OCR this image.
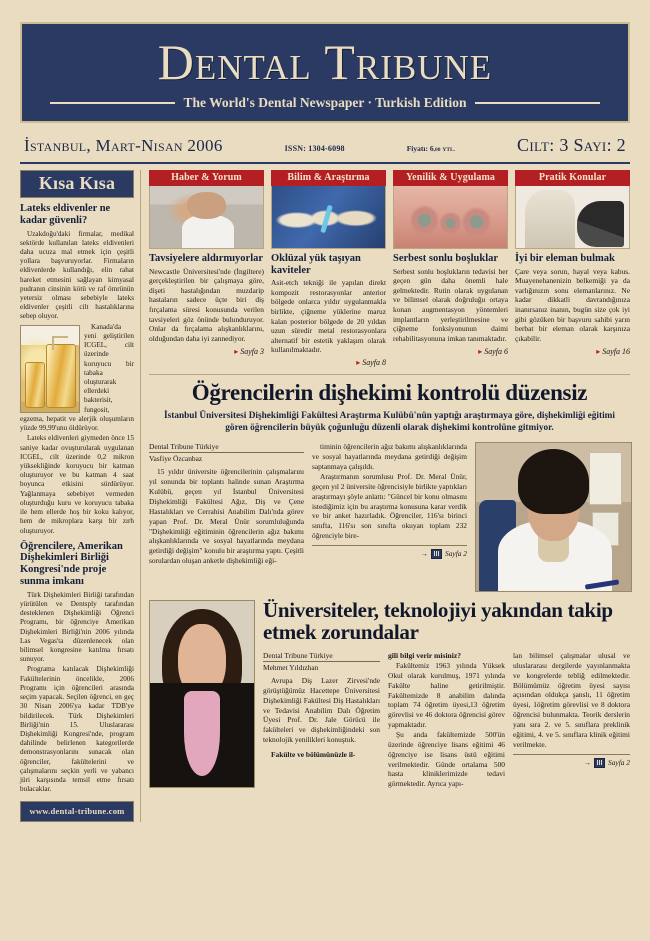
Dental Tribune
The World's Dental Newspaper · Turkish Edition
İstanbul, Mart-Nisan 2006	ISSN: 1304-6098	Fiyatı: 6,00 YTL.	Cilt: 3 Sayı: 2
Kısa Kısa
Lateks eldivenler ne kadar güvenli?

Uzakdoğu'daki firmalar, medikal sektörde kullanılan lateks eldivenleri daha ucuza mal etmek için çeşitli yollara başvuruyorlar. Firmaların eldivenlerde kullandığı, elin rahat hareket etmesini sağlayan kimyasal pudranın cinsinin kötü ve raf ömrünün yetersiz olması sebebiyle lateks eldivenler çeşitli cilt hastalıklarına sebep oluyor.

Kanada'da yeni geliştirilen ICGEL, cilt üzerinde koruyucu bir tabaka oluşturarak ellerdeki bakterisit, fungosit, egzema, hepatit ve alerjik oluşumların yüzde 99,99'unu öldürüyor.

Lateks eldivenleri giymeden önce 15 saniye kadar ovuşturularak uygulanan ICGEL, cilt üzerinde 0,2 mikron yüksekliğinde koruyucu bir katman oluşturuyor ve bu katman 4 saat boyunca etkisini sürdürüyor. Yağlanmaya sebebiyet vermeden oluşturduğu kuru ve koruyucu tabaka ile hem ellerde hoş bir koku kalıyor, hem de mikroplara karşı bir zırh oluşturuyor.

Öğrencilere, Amerikan Dişhekimleri Birliği Kongresi'nde proje sunma imkanı

Türk Dişhekimleri Birliği tarafından yürütülen ve Dentsply tarafından desteklenen Dişhekimliği Öğrenci Programı, bir öğrenciye Amerikan Dişhekimleri Birliği'nin 2006 yılında Las Vegas'ta düzenlenecek olan bilimsel kongresine katılma fırsatı sunuyor.

Programa katılacak Dişhekimliği Fakültelerinin öncelikle, 2006 Programı için öğrencileri arasında seçim yapacak. Seçilen öğrenci, en geç 30 Nisan 2006'ya kadar TDB'ye bildirilecek. Türk Dişhekimleri Birliği'nin 15. Uluslararası Dişhekimliği Kongresi'nde, program dahilinde belirlenen kategorilerde demonstrasyonlarını sunacak olan öğrenciler, fakültelerini ve çalışmalarını seçkin yerli ve yabancı jüri karşısında temsil etme fırsatı bulacaklar.

www.dental-tribune.com
Haber & Yorum
Tavsiyelere aldırmıyorlar
Newcastle Üniversitesi'nde (İngiltere) gerçekleştirilen bir çalışmaya göre, dişeti hastalığından muzdarip hastaların sadece üçte biri diş fırçalama süresi konusunda verilen tavsiyeleri göz önünde bulunduruyor. Onlar da fırçalama alışkanlıklarını, olduğundan daha iyi zannediyor.
▸ Sayfa 3
Bilim & Araştırma
Oklüzal yük taşıyan kaviteler
Asit-etch tekniği ile yapılan direkt kompozit restorasyonlar anterior bölgede onlarca yıldır uygulanmakla birlikte, çiğneme yüklerine maruz kalan posterior bölgede de 20 yıldan uzun süredir metal restorasyonlara alternatif bir estetik yaklaşım olarak kullanılmaktadır.
▸ Sayfa 8
Yenilik & Uygulama
Serbest sonlu boşluklar
Serbest sonlu boşlukların tedavisi her geçen gün daha önemli hale gelmektedir. Rutin olarak uygulanan ve bilimsel olarak doğruluğu ortaya konan augmentasyon yöntemleri implantların yerleştirilmesine ve çiğneme fonksiyonunun daimi rehabilitasyonuna imkan tanımaktadır.
▸ Sayfa 6
Pratik Konular
İyi bir eleman bulmak
Çare veya sorun, hayal veya kabus. Muayenehanenizin belkemiği ya da varlığınızın sonu elemanlarınız. Ne kadar dikkatli davrandığınıza inanırsanız inanın, bugün size çok iyi gibi gözüken bir başvuru sahibi yarın berbat bir eleman olarak karşınıza çıkabilir.
▸ Sayfa 16
Öğrencilerin dişhekimi kontrolü düzensiz
İstanbul Üniversitesi Dişhekimliği Fakültesi Araştırma Kulübü'nün yaptığı araştırmaya göre, dişhekimliği eğitimi gören öğrencilerin büyük çoğunluğu düzenli olarak dişhekimi kontrolüne gitmiyor.
Dental Tribune Türkiye
Vasfiye Özcanbaz

15 yıldır üniversite öğrencilerinin çalışmalarını yıl sonunda bir toplantı halinde sunan Araştırma Kulübü, geçen yıl İstanbul Üniversitesi Dişhekimliği Fakültesi Ağız, Diş ve Çene Hastalıkları ve Cerrahisi Anabilim Dalı'nda görev yapan Prof. Dr. Meral Ünür sorumluluğunda "Dişhekimliği eğitiminin öğrencilerin ağız bakımı alışkanlıklarında ve sosyal hayatlarında meydana getirdiği değişim" konulu bir araştırma yaptı. Çeşitli sorulardan oluşan anketle dişhekimliği eği-

timinin öğrencilerin ağız bakımı alışkanlıklarında ve sosyal hayatlarında meydana getirdiği değişim saptanmaya çalışıldı.

Araştırmanın sorumlusu Prof. Dr. Meral Ünür, geçen yıl 2 üniversite öğrencisiyle birlikte yaptıkları araştırmayı şöyle anlattı: "Güncel bir konu olmasını istediğimiz için bu araştırma konusuna karar verdik ve bir anket hazırladık. Öğrenciler, 116'sı birinci sınıfta, 116'sı son sınıfta okuyan toplam 232 öğrenciyle bire-

→ Sayfa 2
Üniversiteler, teknolojiyi yakından takip etmek zorundalar
Dental Tribune Türkiye
Mehmet Yıldızhan

Avrupa Diş Lazer Zirvesi'nde görüştüğümüz Hacettepe Üniversitesi Dişhekimliği Fakültesi Diş Hastalıkları ve Tedavisi Anabilim Dalı Öğretim Üyesi Prof. Dr. Jale Görücü ile fakülteleri ve dişhekimliğindeki son teknolojik yenilikleri konuştuk.

Fakülte ve bölümünüzle il-

gili bilgi verir misiniz?

Fakültemiz 1963 yılında Yüksek Okul olarak kurulmuş, 1971 yılında Fakülte haline getirilmiştir. Fakültemizde 8 anabilim dalında toplam 74 öğretim üyesi,13 öğretim görevlisi ve 46 doktora öğrencisi görev yapmaktadır.

Şu anda fakültemizde 500'ün üzerinde öğrenciye lisans eğitimi 46 öğrenciye ise lisans üstü eğitimi verilmektedir. Günde ortalama 500 hasta kliniklerimizde tedavi görmektedir. Ayrıca yapı-

lan bilimsel çalışmalar ulusal ve uluslararası dergilerde yayınlanmakta ve kongrelerde tebliğ edilmektedir. Bölümümüz öğretim üyesi sayısı açısından oldukça şanslı, 11 öğretim üyesi, 1öğretim görevlisi ve 8 doktora öğrencisi bulunmakta. Teorik derslerin yanı sıra 2. ve 5. sınıflara preklinik eğitimi, 4. ve 5. sınıflara klinik eğitimi verilmekte.

→ Sayfa 2
